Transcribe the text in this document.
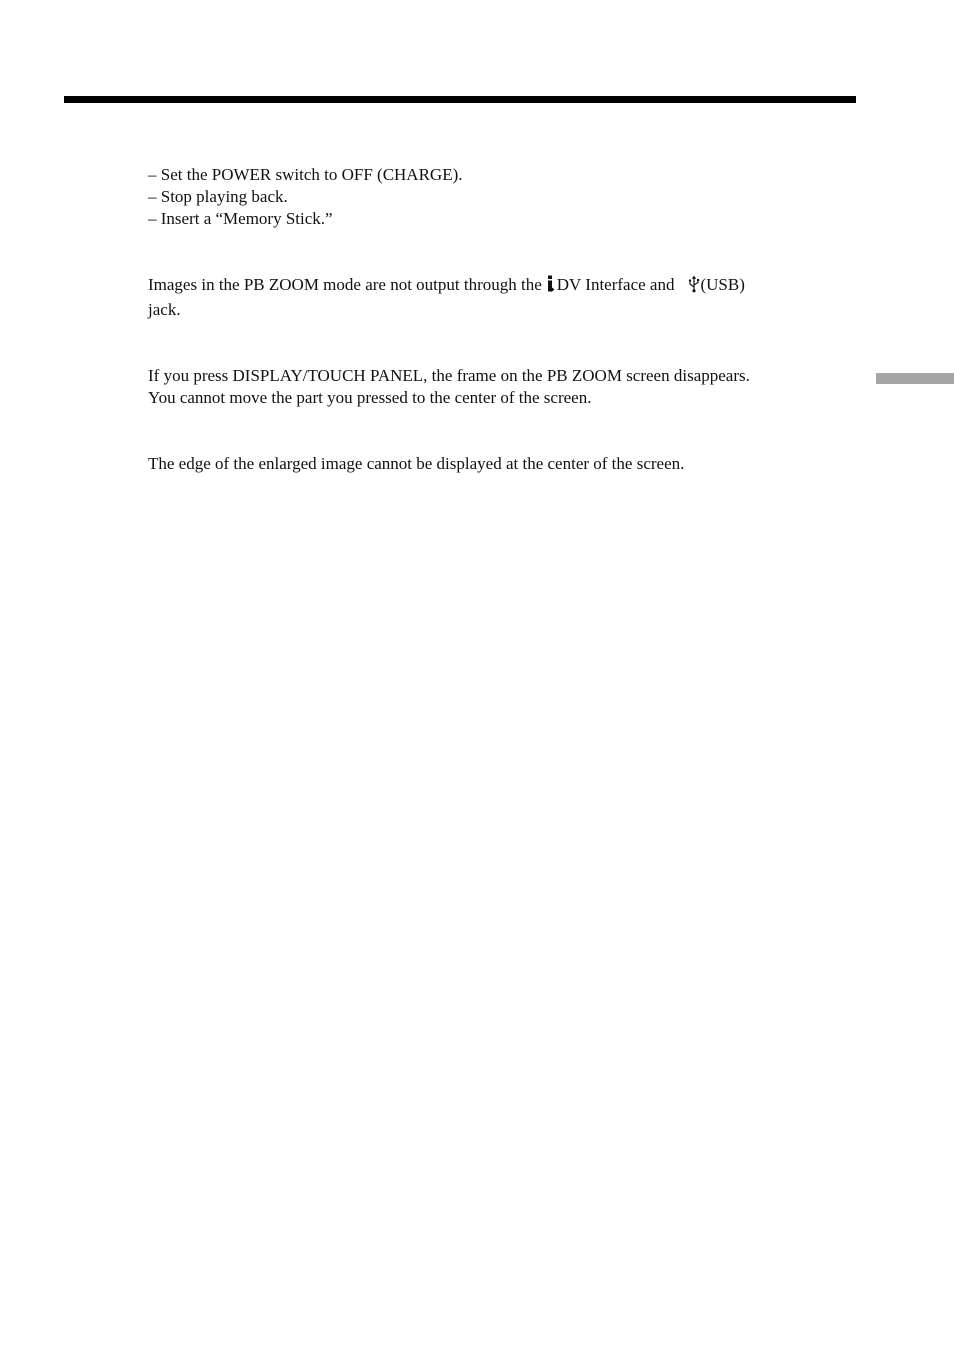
– Set the POWER switch to OFF (CHARGE).
– Stop playing back.
– Insert a “Memory Stick.”
Images in the PB ZOOM mode are not output through the DV Interface and (USB)
jack.
If you press DISPLAY/TOUCH PANEL, the frame on the PB ZOOM screen disappears.
You cannot move the part you pressed to the center of the screen.
The edge of the enlarged image cannot be displayed at the center of the screen.
